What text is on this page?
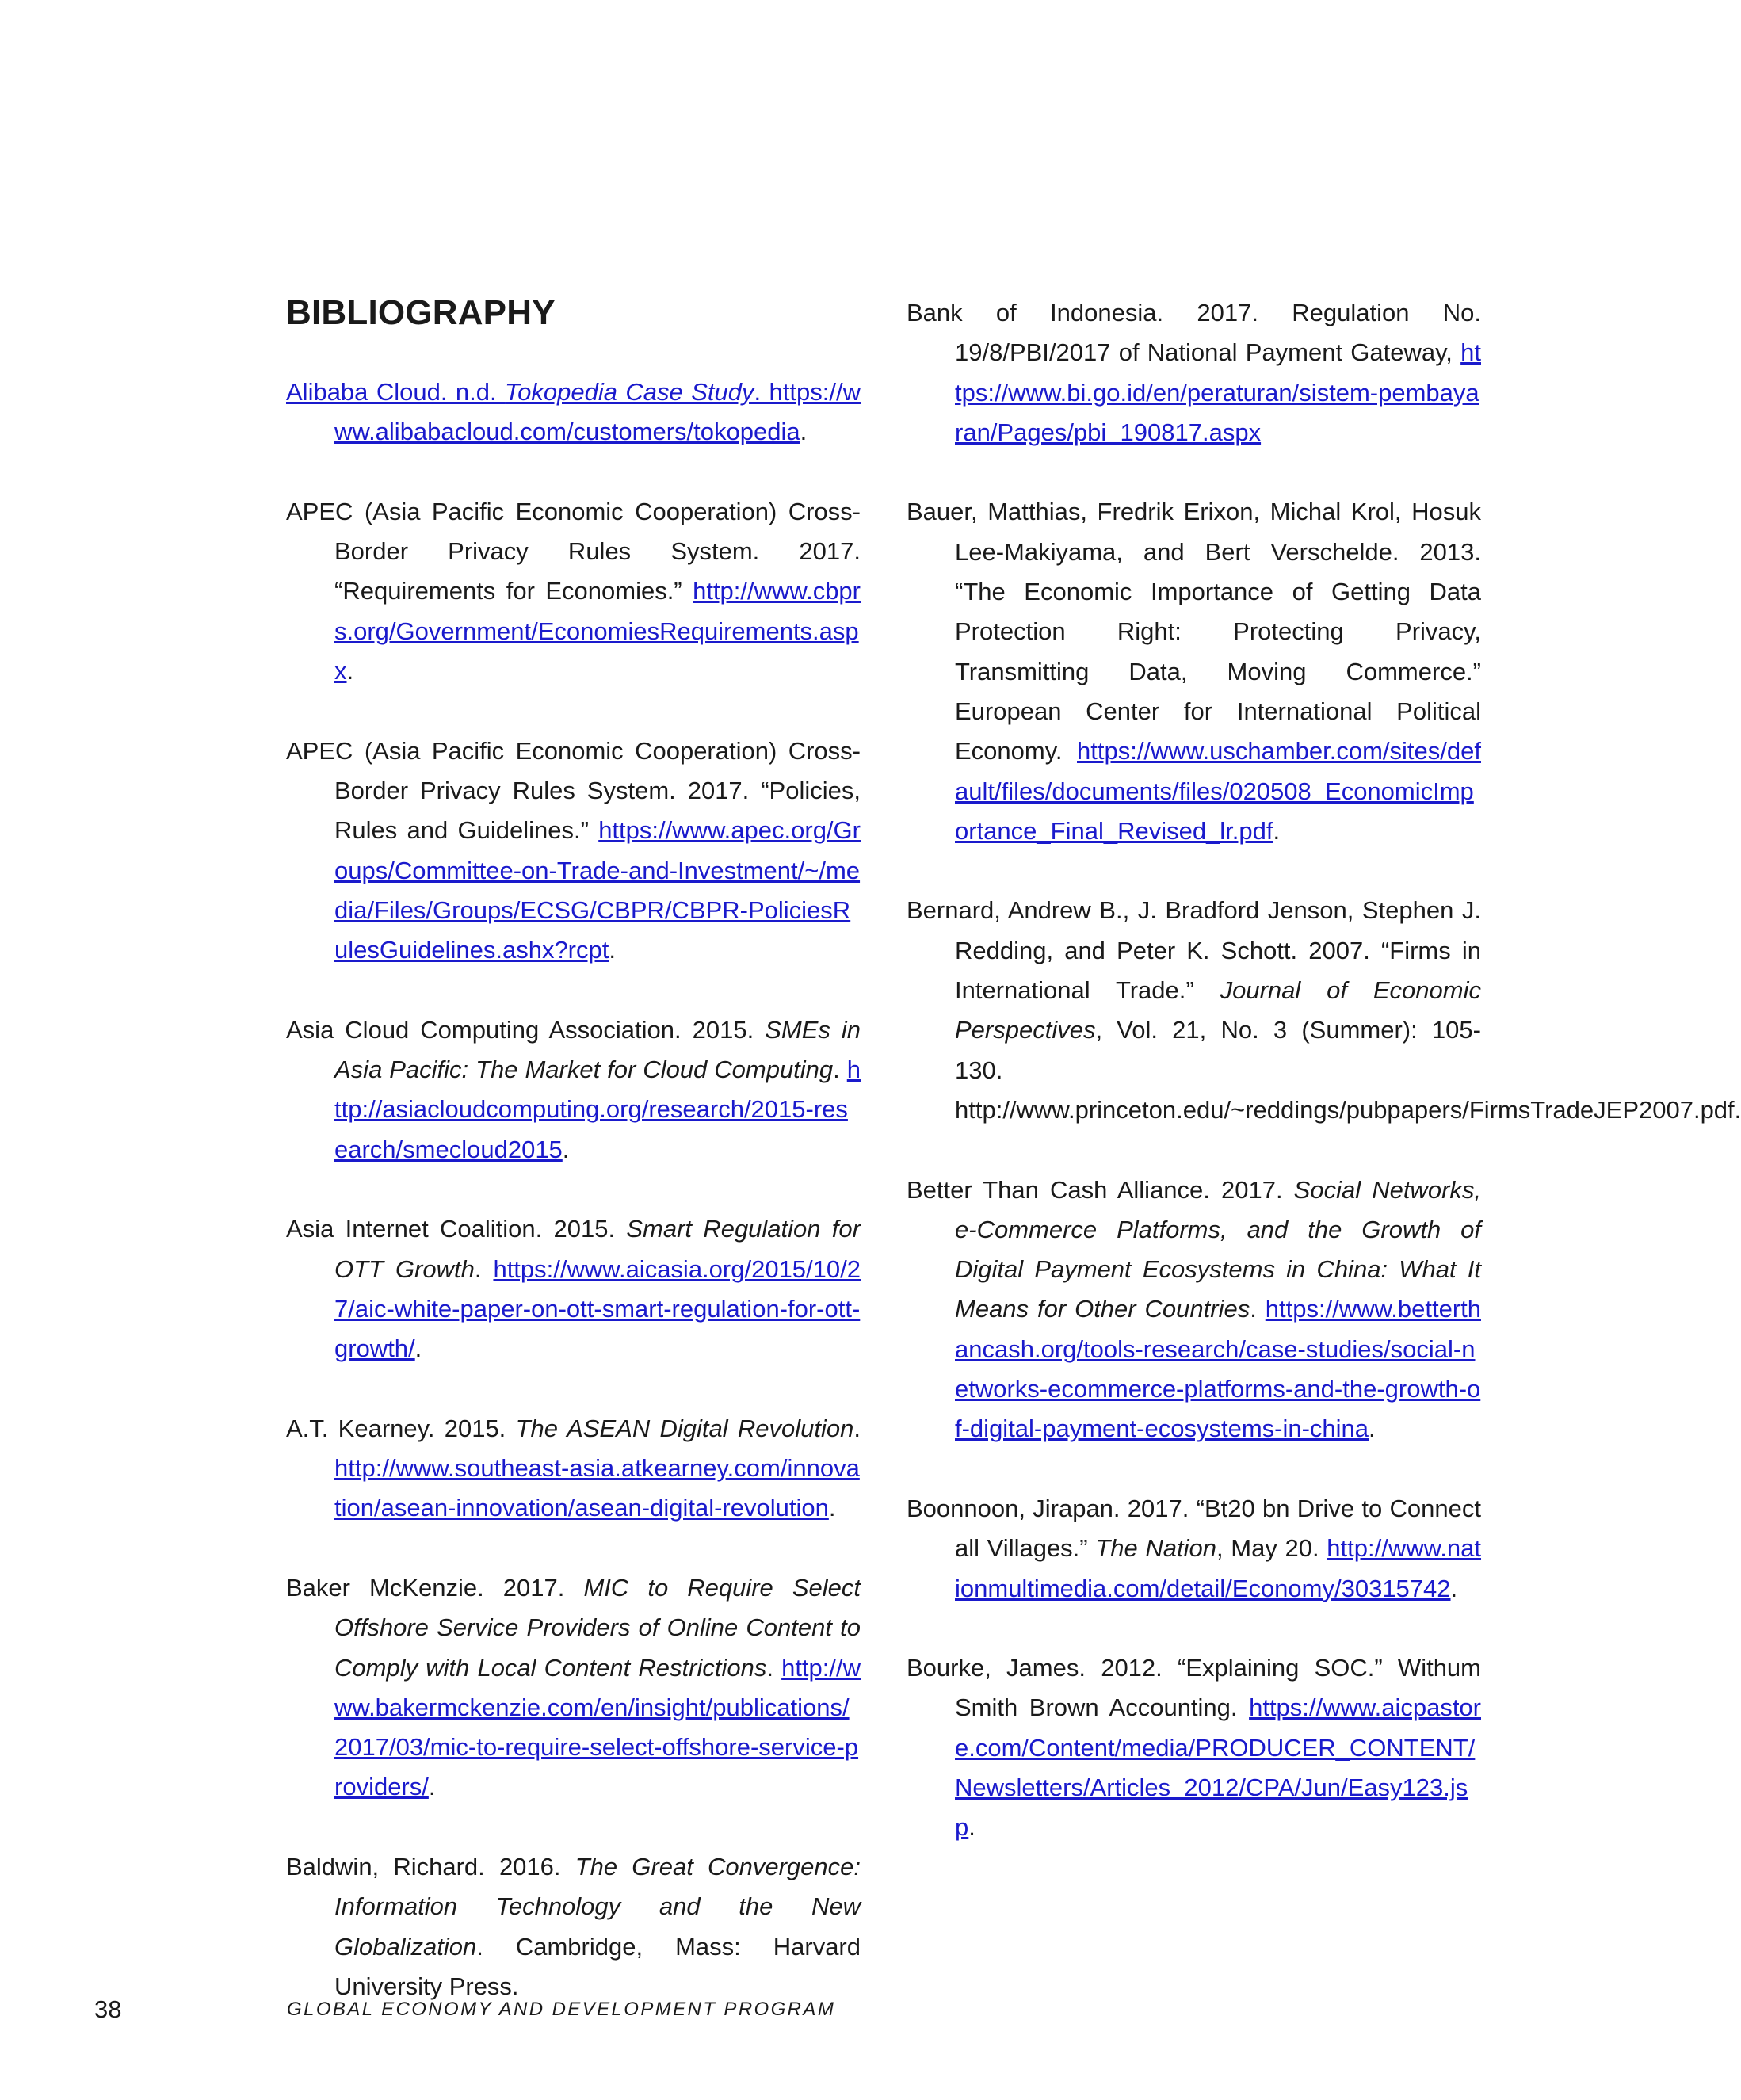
BIBLIOGRAPHY

Alibaba Cloud. n.d. Tokopedia Case Study. https://www.alibabacloud.com/customers/tokopedia.

APEC (Asia Pacific Economic Cooperation) Cross-Border Privacy Rules System. 2017. “Requirements for Economies.” http://www.cbprs.org/Government/EconomiesRequirements.aspx.

APEC (Asia Pacific Economic Cooperation) Cross-Border Privacy Rules System. 2017. “Policies, Rules and Guidelines.” https://www.apec.org/Groups/Committee-on-Trade-and-Investment/~/media/Files/Groups/ECSG/CBPR/CBPR-PoliciesRulesGuidelines.ashx?rcpt.

Asia Cloud Computing Association. 2015. SMEs in Asia Pacific: The Market for Cloud Computing. http://asiacloudcomputing.org/research/2015-research/smecloud2015.

Asia Internet Coalition. 2015. Smart Regulation for OTT Growth. https://www.aicasia.org/2015/10/27/aic-white-paper-on-ott-smart-regulation-for-ott-growth/.

A.T. Kearney. 2015. The ASEAN Digital Revolution. http://www.southeast-asia.atkearney.com/innovation/asean-innovation/asean-digital-revolution.

Baker McKenzie. 2017. MIC to Require Select Offshore Service Providers of Online Content to Comply with Local Content Restrictions. http://www.bakermckenzie.com/en/insight/publications/2017/03/mic-to-require-select-offshore-service-providers/.

Baldwin, Richard. 2016. The Great Convergence: Information Technology and the New Globalization. Cambridge, Mass: Harvard University Press.

Bank of Indonesia. 2017. Regulation No. 19/8/PBI/2017 of National Payment Gateway, https://www.bi.go.id/en/peraturan/sistem-pembayaran/Pages/pbi_190817.aspx

Bauer, Matthias, Fredrik Erixon, Michal Krol, Hosuk Lee-Makiyama, and Bert Verschelde. 2013. “The Economic Importance of Getting Data Protection Right: Protecting Privacy, Transmitting Data, Moving Commerce.” European Center for International Political Economy. https://www.uschamber.com/sites/default/files/documents/files/020508_EconomicImportance_Final_Revised_lr.pdf.

Bernard, Andrew B., J. Bradford Jenson, Stephen J. Redding, and Peter K. Schott. 2007. “Firms in International Trade.” Journal of Economic Perspectives, Vol. 21, No. 3 (Summer): 105-130. http://www.princeton.edu/~reddings/pubpapers/FirmsTradeJEP2007.pdf.

Better Than Cash Alliance. 2017. Social Networks, e-Commerce Platforms, and the Growth of Digital Payment Ecosystems in China: What It Means for Other Countries. https://www.betterthancash.org/tools-research/case-studies/social-networks-ecommerce-platforms-and-the-growth-of-digital-payment-ecosystems-in-china.

Boonnoon, Jirapan. 2017. “Bt20 bn Drive to Connect all Villages.” The Nation, May 20. http://www.nationmultimedia.com/detail/Economy/30315742.

Bourke, James. 2012. “Explaining SOC.” Withum Smith Brown Accounting. https://www.aicpastore.com/Content/media/PRODUCER_CONTENT/Newsletters/Articles_2012/CPA/Jun/Easy123.jsp.

38	GLOBAL ECONOMY AND DEVELOPMENT PROGRAM
